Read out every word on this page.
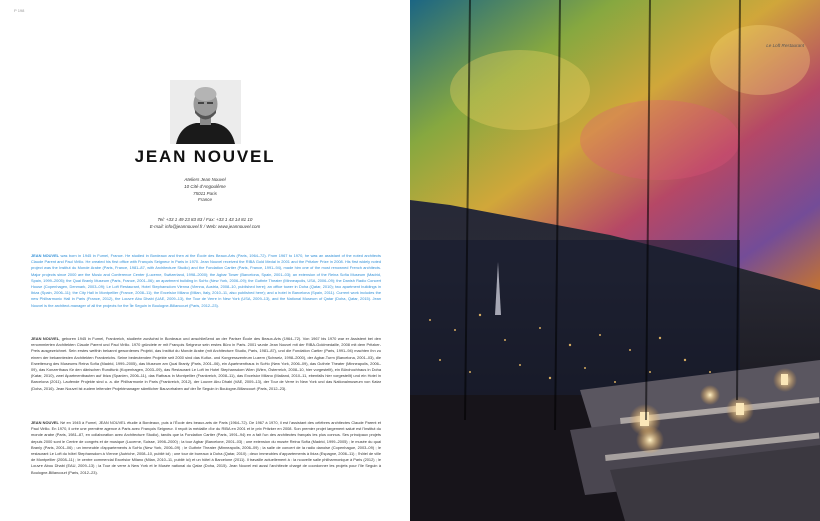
P 198
JEAN NOUVEL
Ateliers Jean Nouvel
10 Cité d'Angoulême
75011 Paris
France
Tel: +33 1 49 23 83 83 / Fax: +33 1 43 14 81 10
E-mail: info@jeannouvel.fr / Web: www.jeannouvel.com
JEAN NOUVEL was born in 1945 in Fumel, France. He studied in Bordeaux and then at the École des Beaux-Arts (Paris, 1964–72). From 1967 to 1970, he was an assistant of the noted architects Claude Parent and Paul Virilio. He created his first office with François Seigneur in Paris in 1970. Jean Nouvel received the RIBA Gold Medal in 2001 and the Pritzker Prize in 2008. His first widely noted project was the Institut du Monde Arabe (Paris, France, 1981–87, with Architecture Studio) and the Fondation Cartier (Paris, France, 1991–94), made him one of the most renowned French architects. Major projects since 2000 are the Music and Conference Center (Lucerne, Switzerland, 1998–2000); the Agbar Tower (Barcelona, Spain, 2001–03); an extension of the Reina Sofía Museum (Madrid, Spain, 1999–2005); the Quai Branly Museum (Paris, France, 2001–06); an apartment building in SoHo (New York, 2006–09); the Guthrie Theater (Minneapolis, USA, 2006–09); the Danish Radio Concert House (Copenhagen, Denmark, 2003–09); Le Loft Restaurant, Hotel Stephansdom Vienna (Vienna, Austria, 2008–10, published here); an office tower in Doha (Qatar, 2010); two apartment buildings in Ibiza (Spain, 2006–11); the City Hall in Montpellier (France, 2008–11); the Excelsior Milano (Milan, Italy, 2010–11, also published here); and a hotel in Barcelona (Spain, 2011). Current work includes the new Philharmonic Hall in Paris (France, 2012), the Louvre Abu Dhabi (UAE, 2009–13), the Tour de Verre in New York (USA, 2009–13), and the National Museum of Qatar (Doha, Qatar, 2015). Jean Nouvel is the architect-manager of all the projects for the Île Seguin in Boulogne-Billancourt (Paris, 2012–23).
JEAN NOUVEL, geboren 1945 in Fumel, Frankreich, studierte zunächst in Bordeaux und anschließend an der Pariser École des Beaux-Arts (1964–72). Von 1967 bis 1970 war er Assistent bei den renommierten Architekten Claude Parent und Paul Virilio. 1970 gründete er mit François Seigneur sein erstes Büro in Paris. 2001 wurde Jean Nouvel mit der RIBA-Goldmedaille, 2008 mit dem Pritzker-Preis ausgezeichnet. Sein erstes weithin bekannt gewordenes Projekt, das Institut du Monde Arabe (mit Architecture Studio, Paris, 1981–87), und die Fondation Cartier (Paris, 1991–94) machten ihn zu einem der bekanntesten Architekten Frankreichs. Seine bedeutenden Projekte seit 2000 sind das Kultur- und Kongresszentrum Luzern (Schweiz, 1998–2000), der Agbar-Turm (Barcelona, 2001–03), die Erweiterung des Museums Reina Sofía (Madrid, 1999–2005), das Museum am Quai Branly (Paris, 2001–06), ein Apartmenthaus in SoHo (New York, 2006–09), das Guthrie Theater (Minneapolis, 2006–09), das Konzerthaus für den dänischen Rundfunk (Kopenhagen, 2003–09), das Restaurant Le Loft im Hotel Stephansdom Wien (Wien, Österreich, 2008–10, hier vorgestellt), ein Bürohochhaus in Doha (Katar, 2010), zwei Apartmentbauten auf Ibiza (Spanien, 2006–11), das Rathaus in Montpellier (Frankreich, 2008–11), das Excelsior Milano (Mailand, 2010–11, ebenfalls hier vorgestellt) und ein Hotel in Barcelona (2011). Laufende Projekte sind u. a. die Philharmonie in Paris (Frankreich, 2012), der Louvre Abu Dhabi (VAE, 2009–13), der Tour de Verre in New York und das Nationalmuseum von Katar (Doha, 2016). Jean Nouvel ist zudem leitender Projektmanager sämtlicher Bauvorhaben auf der Île Seguin in Boulogne-Billancourt (Paris, 2012–23).
JEAN NOUVEL Né en 1945 à Fumel, JEAN NOUVEL étudie à Bordeaux, puis à l'École des beaux-arts de Paris (1964–72). De 1967 à 1970, il est l'assistant des célèbres architectes Claude Parent et Paul Virilio. En 1970, il crée une première agence à Paris avec François Seigneur. Il reçoit la médaille d'or du RIBA en 2001 et le prix Pritzker en 2008. Son premier projet largement salué est l'Institut du monde arabe (Paris, 1981–87, en collaboration avec Architecture Studio), tandis que la Fondation Cartier (Paris, 1991–94) en a fait l'un des architectes français les plus connus. Ses principaux projets depuis 2000 sont le Centre de congrès et de musique (Lucerne, Suisse, 1998–2000) ; la tour Agbar (Barcelone, 2001–03) ; une extension du musée Reina Sofía (Madrid, 1999–2005) ; le musée du quai Branly (Paris, 2001–06) ; un immeuble d'appartements à SoHo (New York, 2006–09) ; le Guthrie Theater (Minneapolis, 2006–09) ; la salle de concert de la radio danoise (Copenhague, 2003–09) ; le restaurant Le Loft du hôtel Stephansdom à Vienne (Autriche, 2008–10, publié ici) ; une tour de bureaux à Doha (Qatar, 2010) ; deux immeubles d'appartements à Ibiza (Espagne, 2006–11) ; l'hôtel de ville de Montpellier (2008–11) ; le centre commercial Excelsior Milano (Milan, 2010–11, publié ici) et un hôtel à Barcelone (2011). Il travaille actuellement à : la nouvelle salle philharmonique à Paris (2012) ; le Louvre Abou Dhabi (EAU, 2009–13) ; la Tour de verre à New York et le Musée national du Qatar (Doha, 2015). Jean Nouvel est aussi l'architecte chargé de coordonner les projets pour l'île Seguin à Boulogne-Billancourt (Paris, 2012–23).
Le Loft Restaurant
